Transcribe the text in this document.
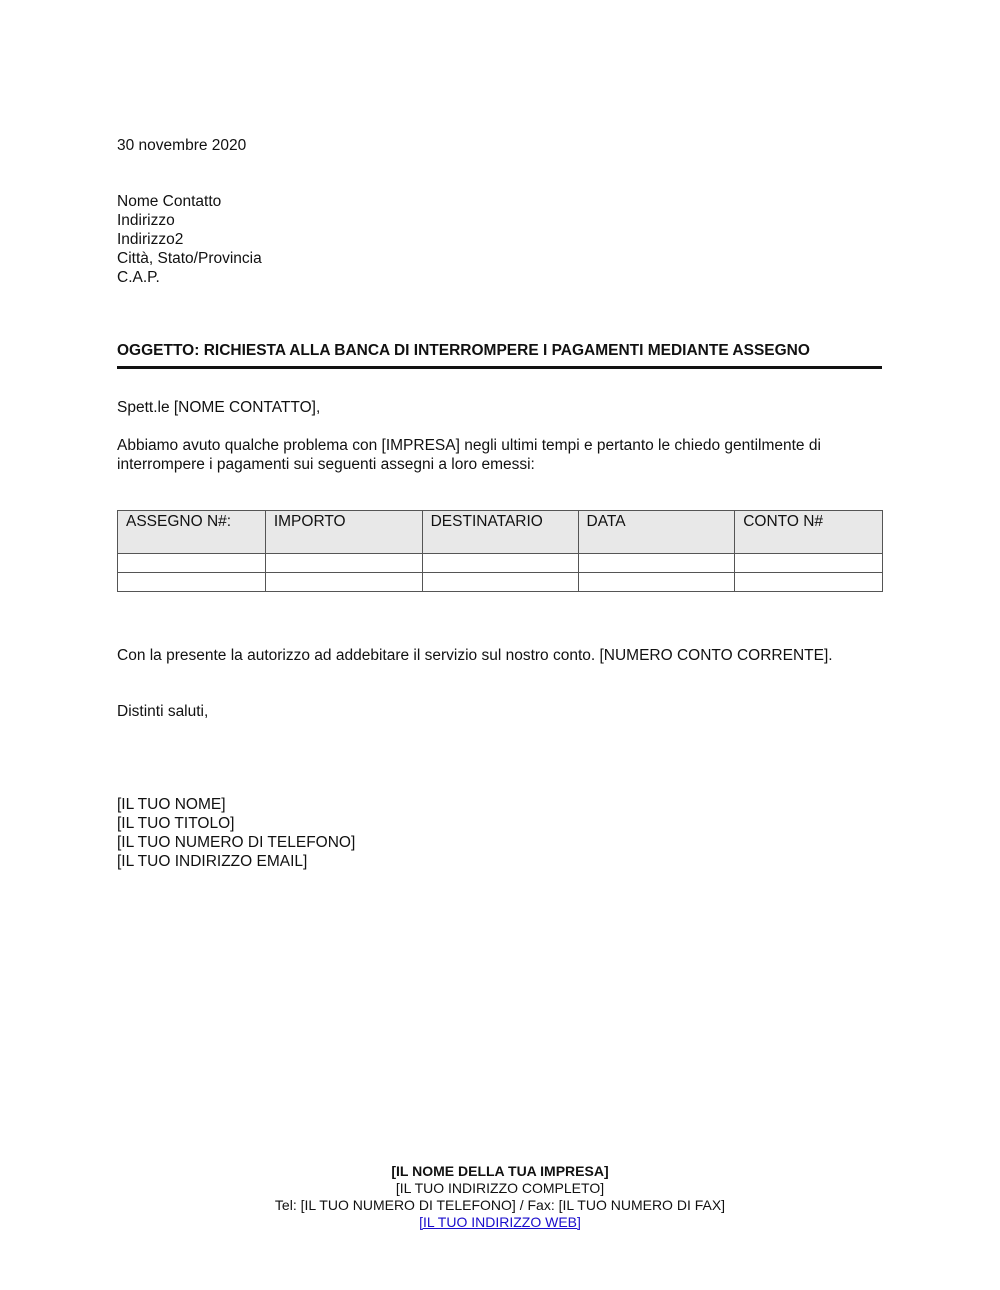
30 novembre 2020

Nome Contatto

Indirizzo

Indirizzo2

Città, Stato/Provincia

C.A.P.

OGGETTO: RICHIESTA ALLA BANCA DI INTERROMPERE I PAGAMENTI MEDIANTE ASSEGNO

Spett.le [NOME CONTATTO],

Abbiamo avuto qualche problema con [IMPRESA] negli ultimi tempi e pertanto le chiedo gentilmente di interrompere i pagamenti sui seguenti assegni a loro emessi:

ASSEGNO N#:	IMPORTO	DESTINATARIO	DATA	CONTO N#

Con la presente la autorizzo ad addebitare il servizio sul nostro conto. [NUMERO CONTO CORRENTE].

Distinti saluti,

[IL TUO NOME]

[IL TUO TITOLO]

[IL TUO NUMERO DI TELEFONO]

[IL TUO INDIRIZZO EMAIL]

[IL NOME DELLA TUA IMPRESA]
[IL TUO INDIRIZZO COMPLETO]
Tel: [IL TUO NUMERO DI TELEFONO] / Fax: [IL TUO NUMERO DI FAX]
[IL TUO INDIRIZZO WEB]
